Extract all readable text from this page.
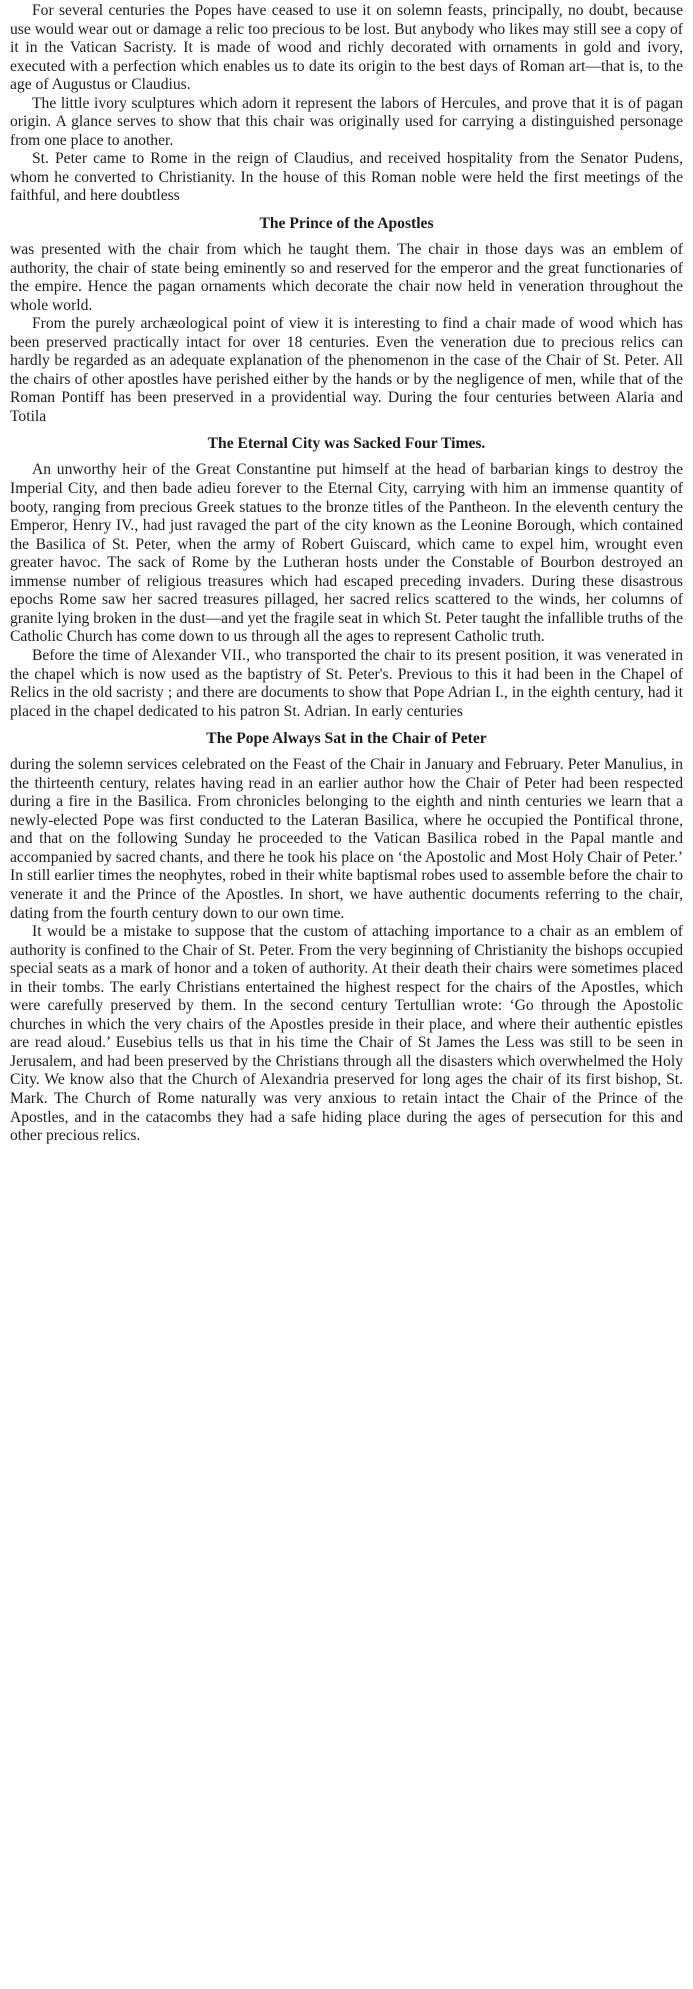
For several centuries the Popes have ceased to use it on solemn feasts, principally, no doubt, because use would wear out or damage a relic too precious to be lost. But anybody who likes may still see a copy of it in the Vatican Sacristy. It is made of wood and richly decorated with ornaments in gold and ivory, executed with a perfection which enables us to date its origin to the best days of Roman art—that is, to the age of Augustus or Claudius.

The little ivory sculptures which adorn it represent the labors of Hercules, and prove that it is of pagan origin. A glance serves to show that this chair was originally used for carrying a distinguished personage from one place to another.

St. Peter came to Rome in the reign of Claudius, and received hospitality from the Senator Pudens, whom he converted to Christianity. In the house of this Roman noble were held the first meetings of the faithful, and here doubtless

The Prince of the Apostles

was presented with the chair from which he taught them. The chair in those days was an emblem of authority, the chair of state being eminently so and reserved for the emperor and the great functionaries of the empire. Hence the pagan ornaments which decorate the chair now held in veneration throughout the whole world.

From the purely archæological point of view it is interesting to find a chair made of wood which has been preserved practically intact for over 18 centuries. Even the veneration due to precious relics can hardly be regarded as an adequate explanation of the phenomenon in the case of the Chair of St. Peter. All the chairs of other apostles have perished either by the hands or by the negligence of men, while that of the Roman Pontiff has been preserved in a providential way. During the four centuries between Alaria and Totila

The Eternal City was Sacked Four Times.

An unworthy heir of the Great Constantine put himself at the head of barbarian kings to destroy the Imperial City, and then bade adieu forever to the Eternal City, carrying with him an immense quantity of booty, ranging from precious Greek statues to the bronze titles of the Pantheon. In the eleventh century the Emperor, Henry IV., had just ravaged the part of the city known as the Leonine Borough, which contained the Basilica of St. Peter, when the army of Robert Guiscard, which came to expel him, wrought even greater havoc. The sack of Rome by the Lutheran hosts under the Constable of Bourbon destroyed an immense number of religious treasures which had escaped preceding invaders. During these disastrous epochs Rome saw her sacred treasures pillaged, her sacred relics scattered to the winds, her columns of granite lying broken in the dust—and yet the fragile seat in which St. Peter taught the infallible truths of the Catholic Church has come down to us through all the ages to represent Catholic truth.

Before the time of Alexander VII., who transported the chair to its present position, it was venerated in the chapel which is now used as the baptistry of St. Peter's. Previous to this it had been in the Chapel of Relics in the old sacristy ; and there are documents to show that Pope Adrian I., in the eighth century, had it placed in the chapel dedicated to his patron St. Adrian. In early centuries

The Pope Always Sat in the Chair of Peter

during the solemn services celebrated on the Feast of the Chair in January and February. Peter Manulius, in the thirteenth century, relates having read in an earlier author how the Chair of Peter had been respected during a fire in the Basilica. From chronicles belonging to the eighth and ninth centuries we learn that a newly-elected Pope was first conducted to the Lateran Basilica, where he occupied the Pontifical throne, and that on the following Sunday he proceeded to the Vatican Basilica robed in the Papal mantle and accompanied by sacred chants, and there he took his place on ‘the Apostolic and Most Holy Chair of Peter.’ In still earlier times the neophytes, robed in their white baptismal robes used to assemble before the chair to venerate it and the Prince of the Apostles. In short, we have authentic documents referring to the chair, dating from the fourth century down to our own time.

It would be a mistake to suppose that the custom of attaching importance to a chair as an emblem of authority is confined to the Chair of St. Peter. From the very beginning of Christianity the bishops occupied special seats as a mark of honor and a token of authority. At their death their chairs were sometimes placed in their tombs. The early Christians entertained the highest respect for the chairs of the Apostles, which were carefully preserved by them. In the second century Tertullian wrote: ‘Go through the Apostolic churches in which the very chairs of the Apostles preside in their place, and where their authentic epistles are read aloud.’ Eusebius tells us that in his time the Chair of St James the Less was still to be seen in Jerusalem, and had been preserved by the Christians through all the disasters which overwhelmed the Holy City. We know also that the Church of Alexandria preserved for long ages the chair of its first bishop, St. Mark. The Church of Rome naturally was very anxious to retain intact the Chair of the Prince of the Apostles, and in the catacombs they had a safe hiding place during the ages of persecution for this and other precious relics.
